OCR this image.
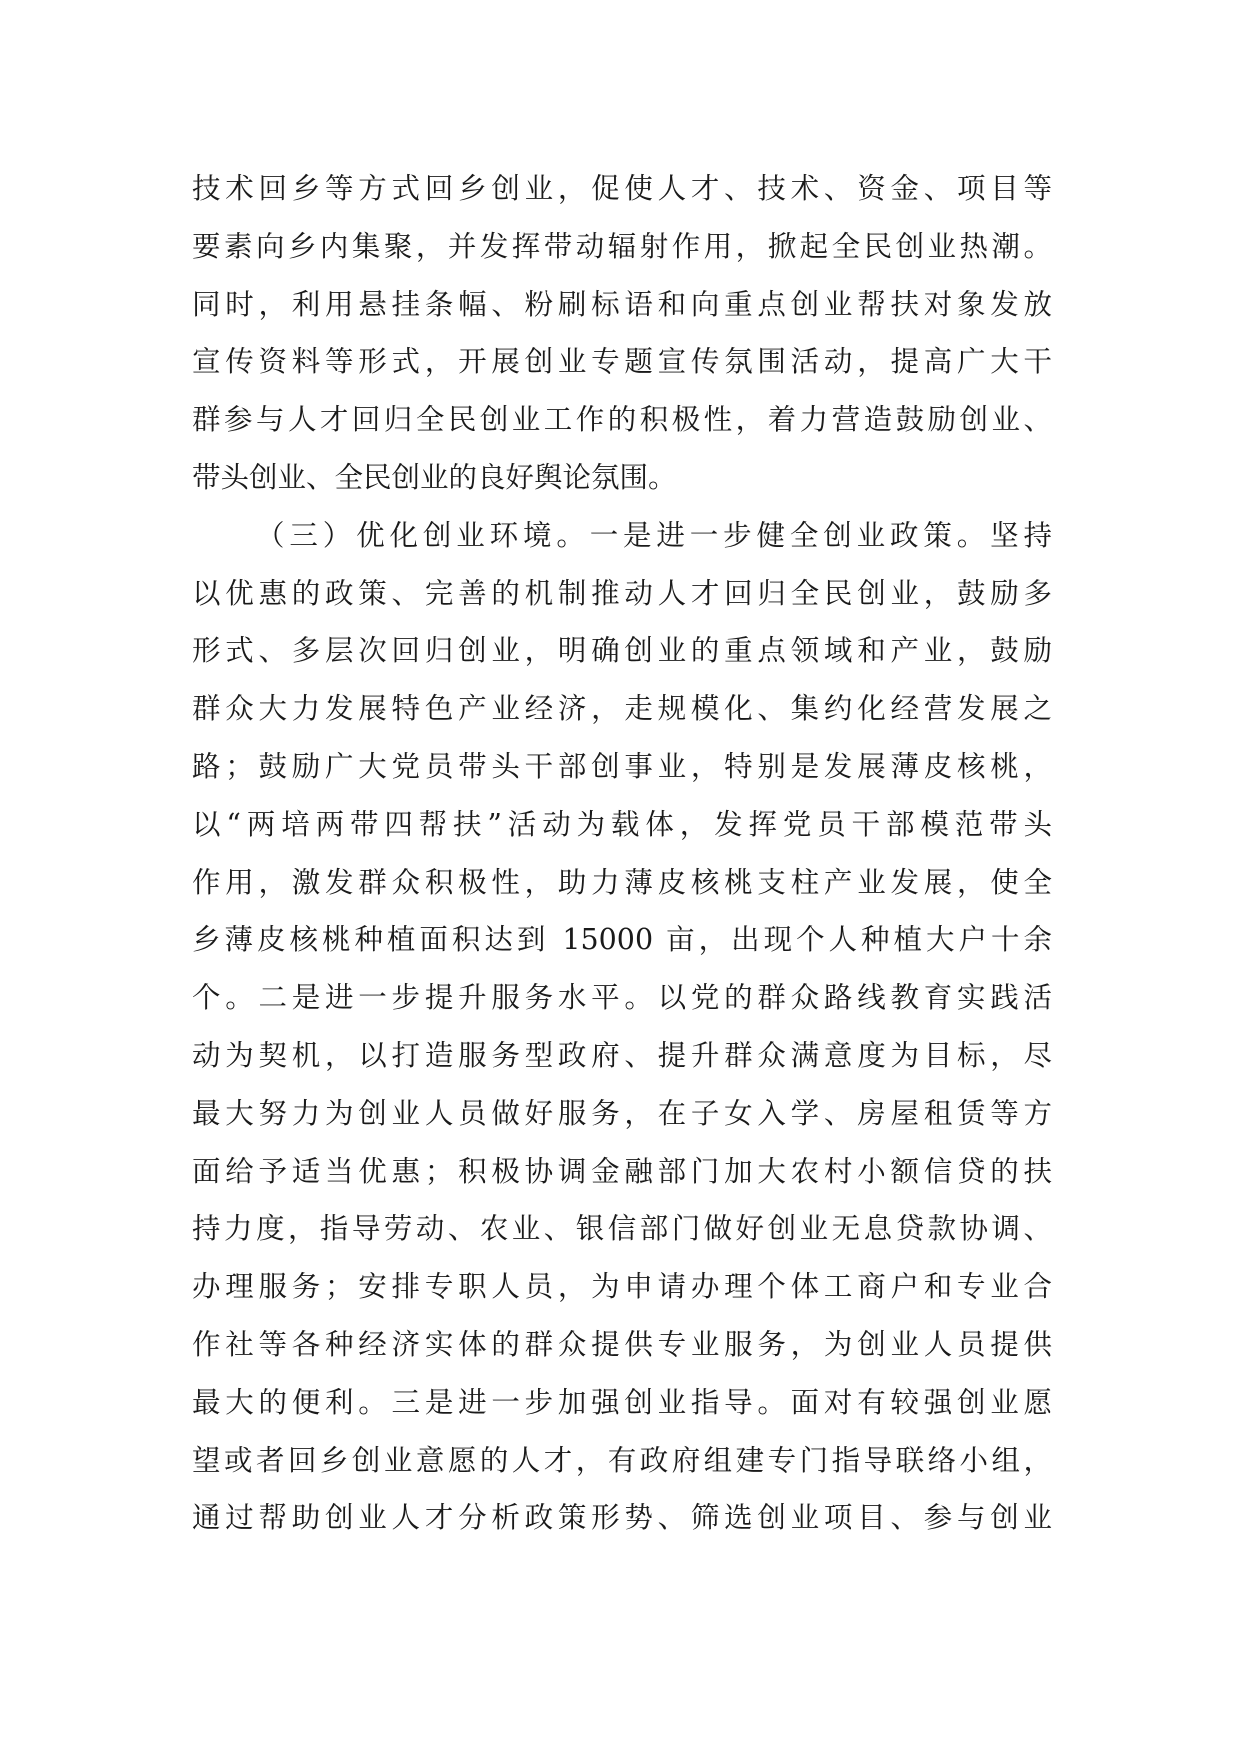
技术回乡等方式回乡创业，促使人才、技术、资金、项目等
要素向乡内集聚，并发挥带动辐射作用，掀起全民创业热潮。
同时，利用悬挂条幅、粉刷标语和向重点创业帮扶对象发放
宣传资料等形式，开展创业专题宣传氛围活动，提高广大干
群参与人才回归全民创业工作的积极性，着力营造鼓励创业、
带头创业、全民创业的良好舆论氛围。
（三）优化创业环境。一是进一步健全创业政策。坚持
以优惠的政策、完善的机制推动人才回归全民创业，鼓励多
形式、多层次回归创业，明确创业的重点领域和产业，鼓励
群众大力发展特色产业经济，走规模化、集约化经营发展之
路；鼓励广大党员带头干部创事业，特别是发展薄皮核桃，
以“两培两带四帮扶”活动为载体，发挥党员干部模范带头
作用，激发群众积极性，助力薄皮核桃支柱产业发展，使全
乡薄皮核桃种植面积达到 15000 亩，出现个人种植大户十余
个。二是进一步提升服务水平。以党的群众路线教育实践活
动为契机，以打造服务型政府、提升群众满意度为目标，尽
最大努力为创业人员做好服务，在子女入学、房屋租赁等方
面给予适当优惠；积极协调金融部门加大农村小额信贷的扶
持力度，指导劳动、农业、银信部门做好创业无息贷款协调、
办理服务；安排专职人员，为申请办理个体工商户和专业合
作社等各种经济实体的群众提供专业服务，为创业人员提供
最大的便利。三是进一步加强创业指导。面对有较强创业愿
望或者回乡创业意愿的人才，有政府组建专门指导联络小组，
通过帮助创业人才分析政策形势、筛选创业项目、参与创业
